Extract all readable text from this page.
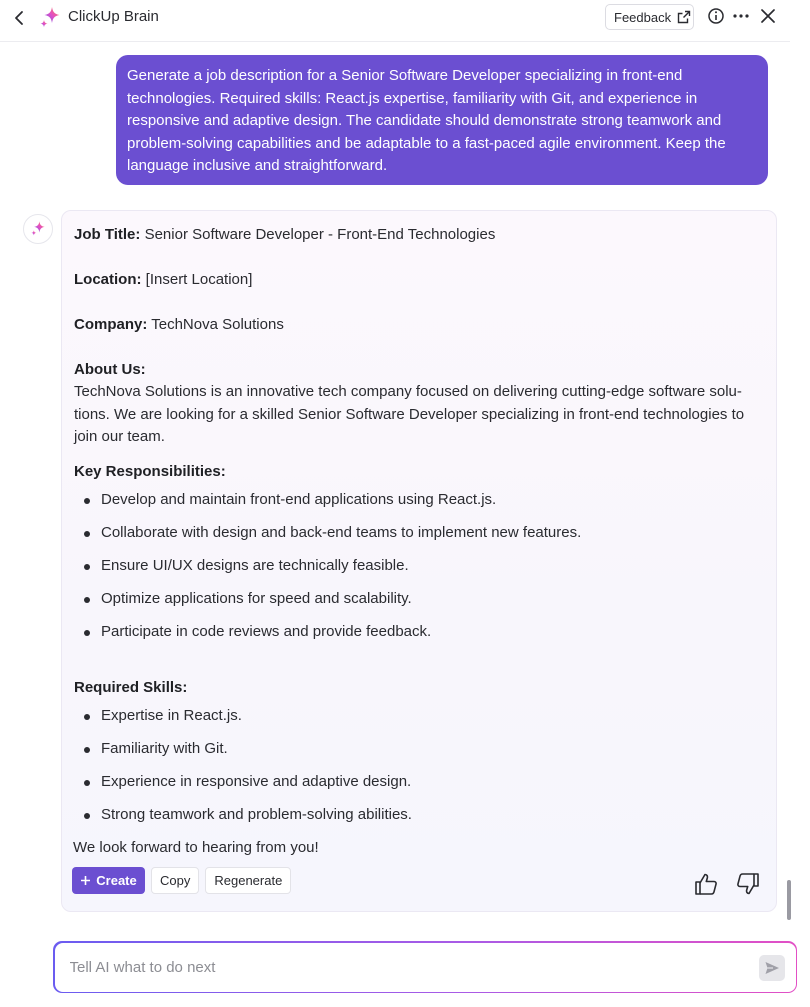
ClickUp Brain	Feedback
Generate a job description for a Senior Software Developer specializing in front-end technologies. Required skills: React.js expertise, familiarity with Git, and experience in responsive and adaptive design. The candidate should demonstrate strong teamwork and problem-solving capabilities and be adaptable to a fast-paced agile environment. Keep the language inclusive and straightforward.
Job Title: Senior Software Developer - Front-End Technologies
Location: [Insert Location]
Company: TechNova Solutions
About Us:
TechNova Solutions is an innovative tech company focused on delivering cutting-edge software solu-tions. We are looking for a skilled Senior Software Developer specializing in front-end technologies to join our team.
Key Responsibilities:
Develop and maintain front-end applications using React.js.
Collaborate with design and back-end teams to implement new features.
Ensure UI/UX designs are technically feasible.
Optimize applications for speed and scalability.
Participate in code reviews and provide feedback.
Required Skills:
Expertise in React.js.
Familiarity with Git.
Experience in responsive and adaptive design.
Strong teamwork and problem-solving abilities.
We look forward to hearing from you!
Create Copy Regenerate
Tell AI what to do next
